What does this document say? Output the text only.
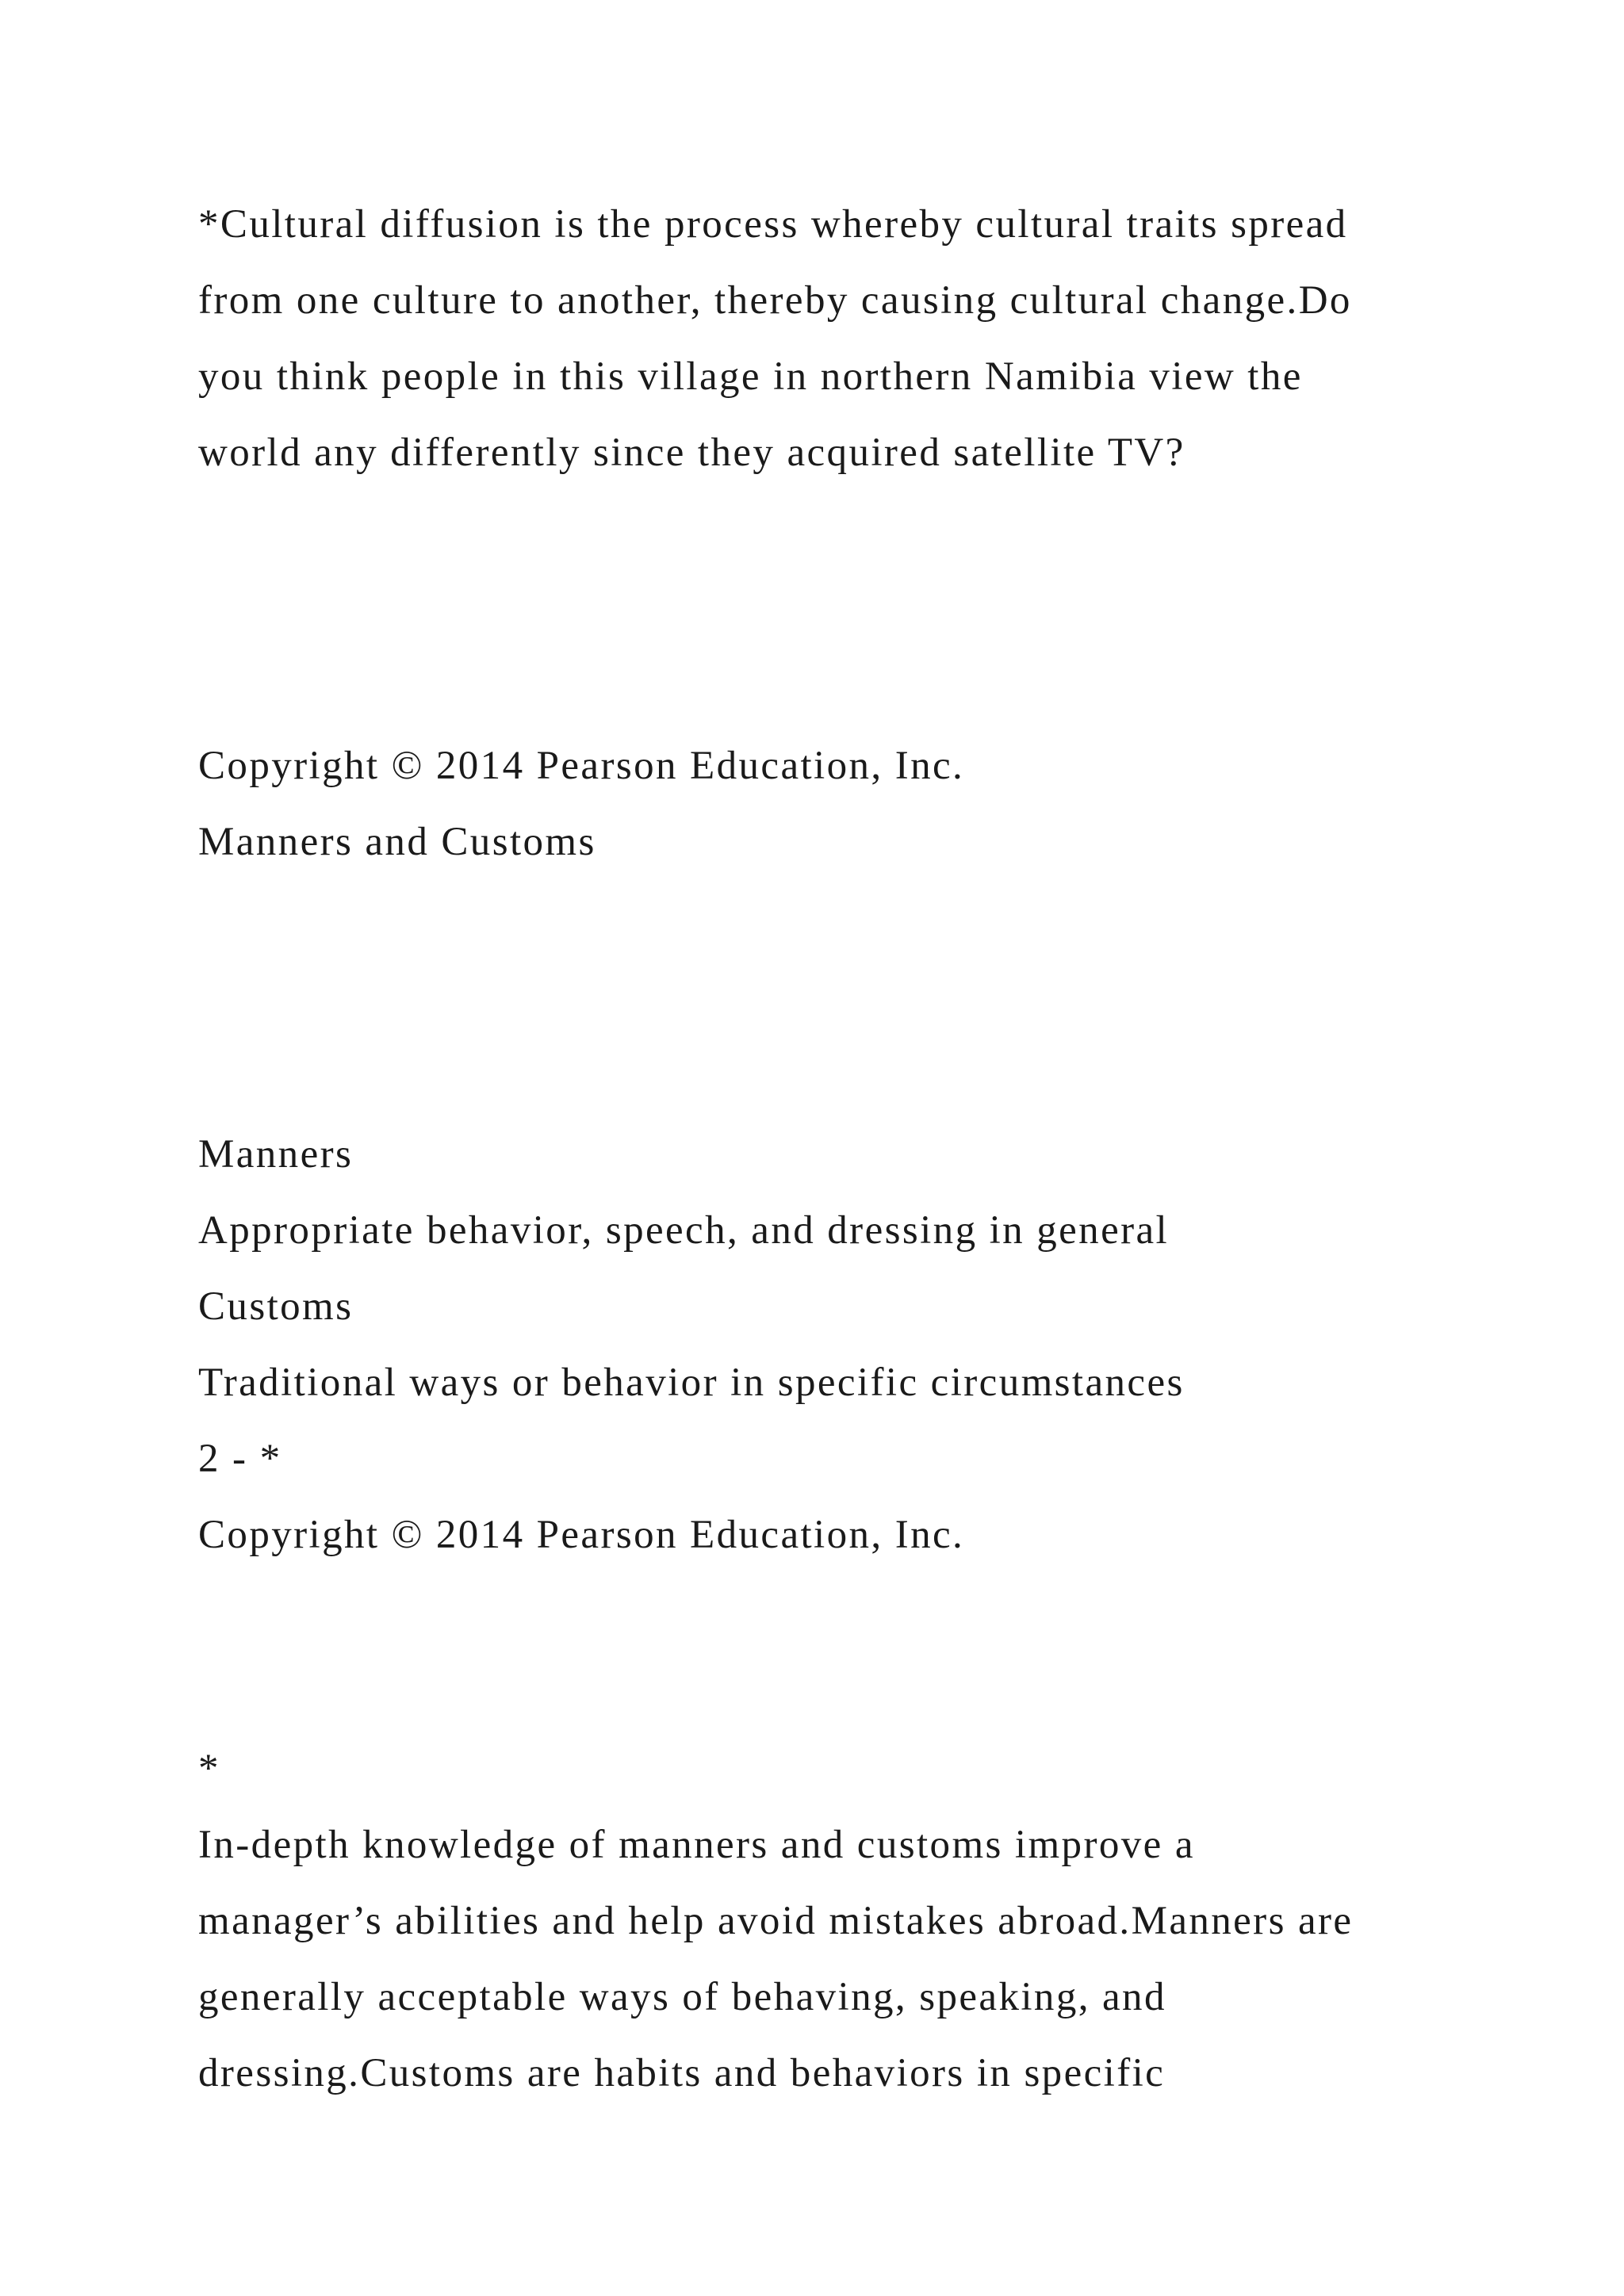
*Cultural diffusion is the process whereby cultural traits spread
from one culture to another, thereby causing cultural change.Do
you think people in this village in northern Namibia view the
world any differently since they acquired satellite TV?
Copyright © 2014 Pearson Education, Inc.
Manners and Customs
Manners
Appropriate behavior, speech, and dressing in general
Customs
Traditional ways or behavior in specific circumstances
2 - *
Copyright © 2014 Pearson Education, Inc.
*
In-depth knowledge of manners and customs improve a
manager’s abilities and help avoid mistakes abroad.Manners are
generally acceptable ways of behaving, speaking, and
dressing.Customs are habits and behaviors in specific
